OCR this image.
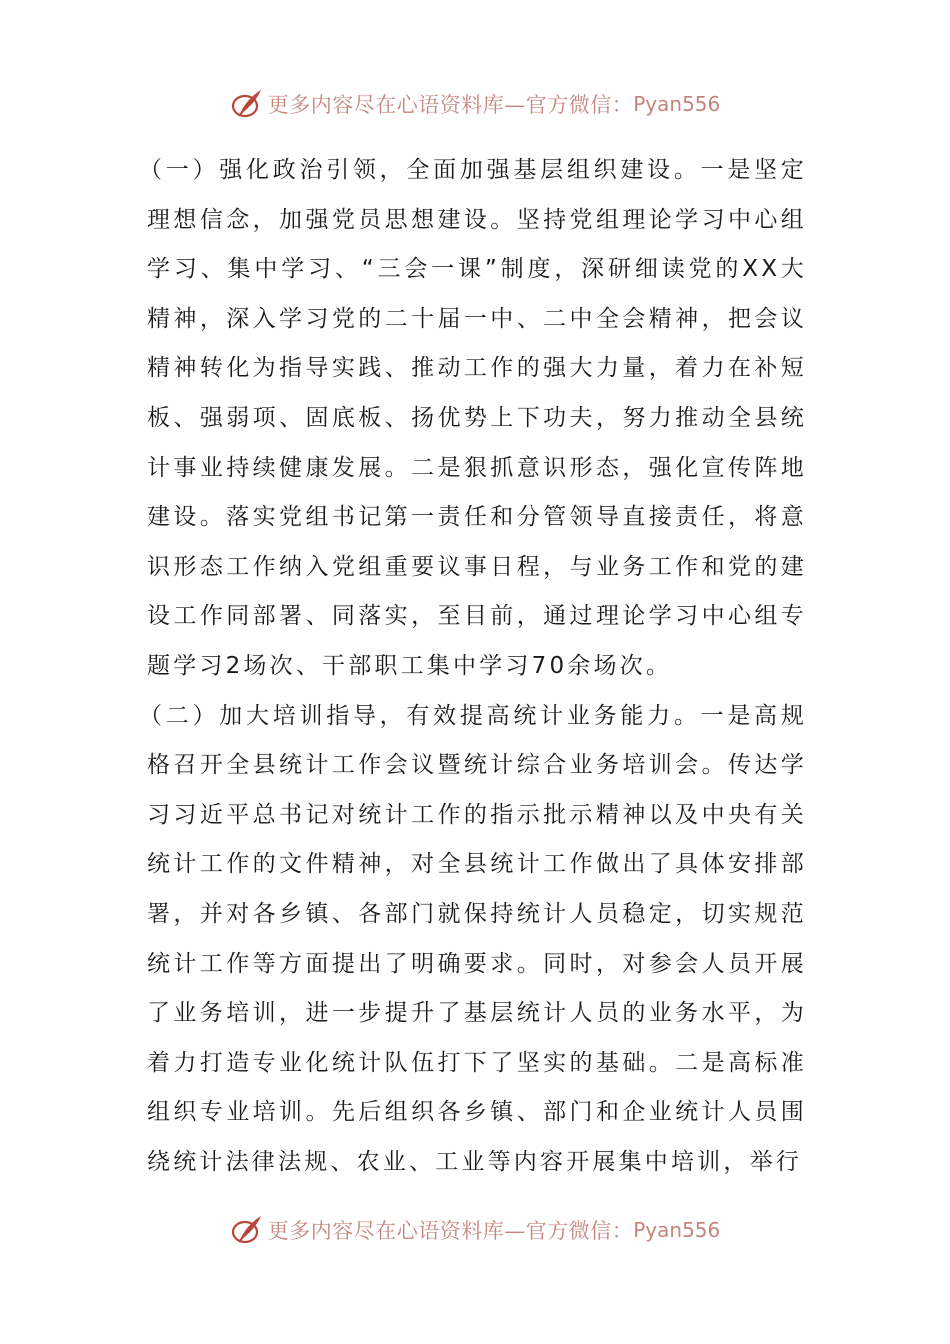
更多内容尽在心语资料库—官方微信： Pyan556

（一）强化政治引领，全面加强基层组织建设。一是坚定理想信念，加强党员思想建设。坚持党组理论学习中心组学习、集中学习、“三会一课”制度，深研细读党的XX大精神，深入学习党的二十届一中、二中全会精神，把会议精神转化为指导实践、推动工作的强大力量，着力在补短板、强弱项、固底板、扬优势上下功夫，努力推动全县统计事业持续健康发展。二是狠抓意识形态，强化宣传阵地建设。落实党组书记第一责任和分管领导直接责任，将意识形态工作纳入党组重要议事日程，与业务工作和党的建设工作同部署、同落实，至目前，通过理论学习中心组专题学习2场次、干部职工集中学习70余场次。

（二）加大培训指导，有效提高统计业务能力。一是高规格召开全县统计工作会议暨统计综合业务培训会。传达学习习近平总书记对统计工作的指示批示精神以及中央有关统计工作的文件精神，对全县统计工作做出了具体安排部署，并对各乡镇、各部门就保持统计人员稳定，切实规范统计工作等方面提出了明确要求。同时，对参会人员开展了业务培训，进一步提升了基层统计人员的业务水平，为着力打造专业化统计队伍打下了坚实的基础。二是高标准组织专业培训。先后组织各乡镇、部门和企业统计人员围绕统计法律法规、农业、工业等内容开展集中培训，举行

更多内容尽在心语资料库—官方微信： Pyan556
